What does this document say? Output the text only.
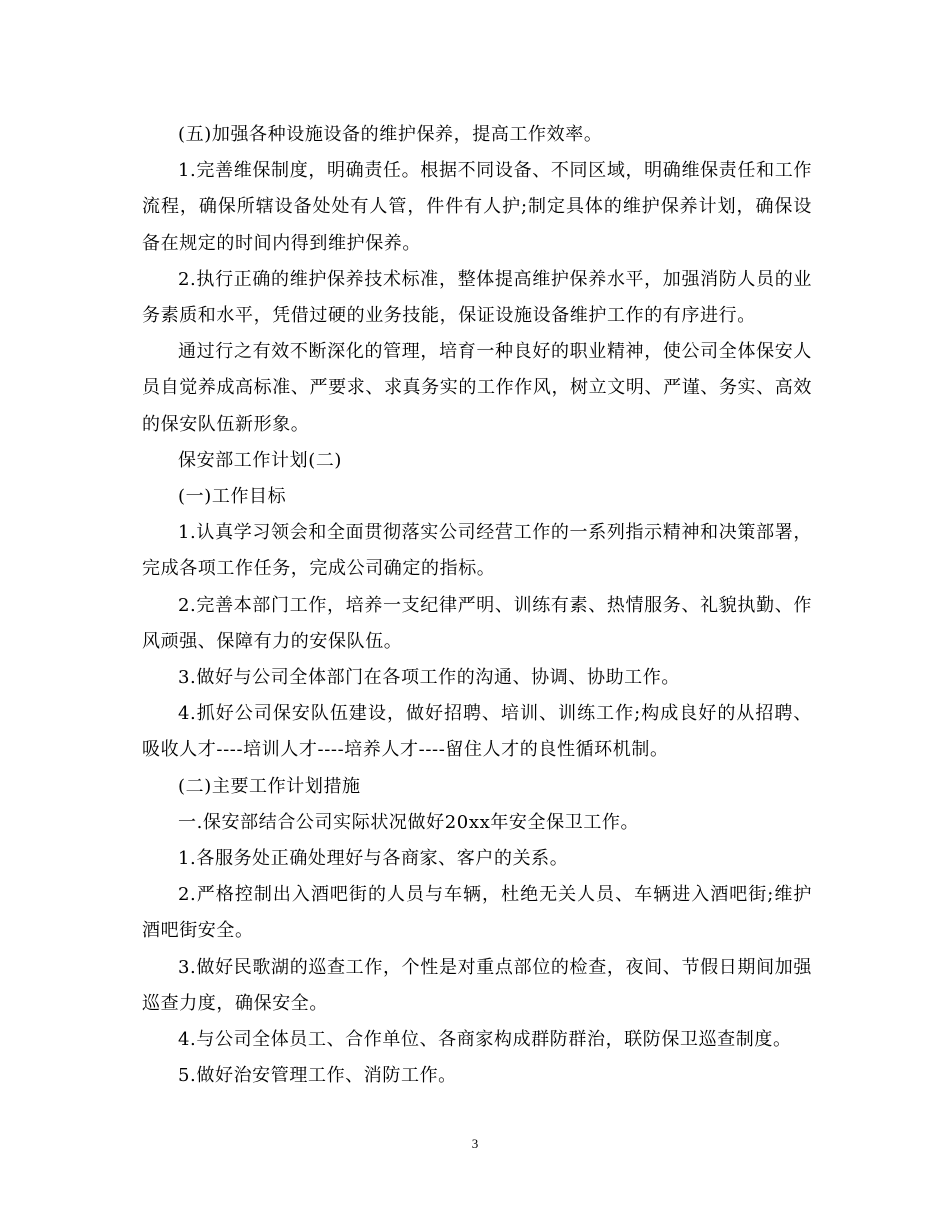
(五)加强各种设施设备的维护保养，提高工作效率。

1.完善维保制度，明确责任。根据不同设备、不同区域，明确维保责任和工作流程，确保所辖设备处处有人管，件件有人护;制定具体的维护保养计划，确保设备在规定的时间内得到维护保养。

2.执行正确的维护保养技术标准，整体提高维护保养水平，加强消防人员的业务素质和水平，凭借过硬的业务技能，保证设施设备维护工作的有序进行。

通过行之有效不断深化的管理，培育一种良好的职业精神，使公司全体保安人员自觉养成高标准、严要求、求真务实的工作作风，树立文明、严谨、务实、高效的保安队伍新形象。

保安部工作计划(二)

(一)工作目标

1.认真学习领会和全面贯彻落实公司经营工作的一系列指示精神和决策部署，完成各项工作任务，完成公司确定的指标。

2.完善本部门工作，培养一支纪律严明、训练有素、热情服务、礼貌执勤、作风顽强、保障有力的安保队伍。

3.做好与公司全体部门在各项工作的沟通、协调、协助工作。

4.抓好公司保安队伍建设，做好招聘、培训、训练工作;构成良好的从招聘、吸收人才----培训人才----培养人才----留住人才的良性循环机制。

(二)主要工作计划措施

一.保安部结合公司实际状况做好20xx年安全保卫工作。

1.各服务处正确处理好与各商家、客户的关系。

2.严格控制出入酒吧街的人员与车辆，杜绝无关人员、车辆进入酒吧街;维护酒吧街安全。

3.做好民歌湖的巡查工作，个性是对重点部位的检查，夜间、节假日期间加强巡查力度，确保安全。

4.与公司全体员工、合作单位、各商家构成群防群治，联防保卫巡查制度。

5.做好治安管理工作、消防工作。

3
